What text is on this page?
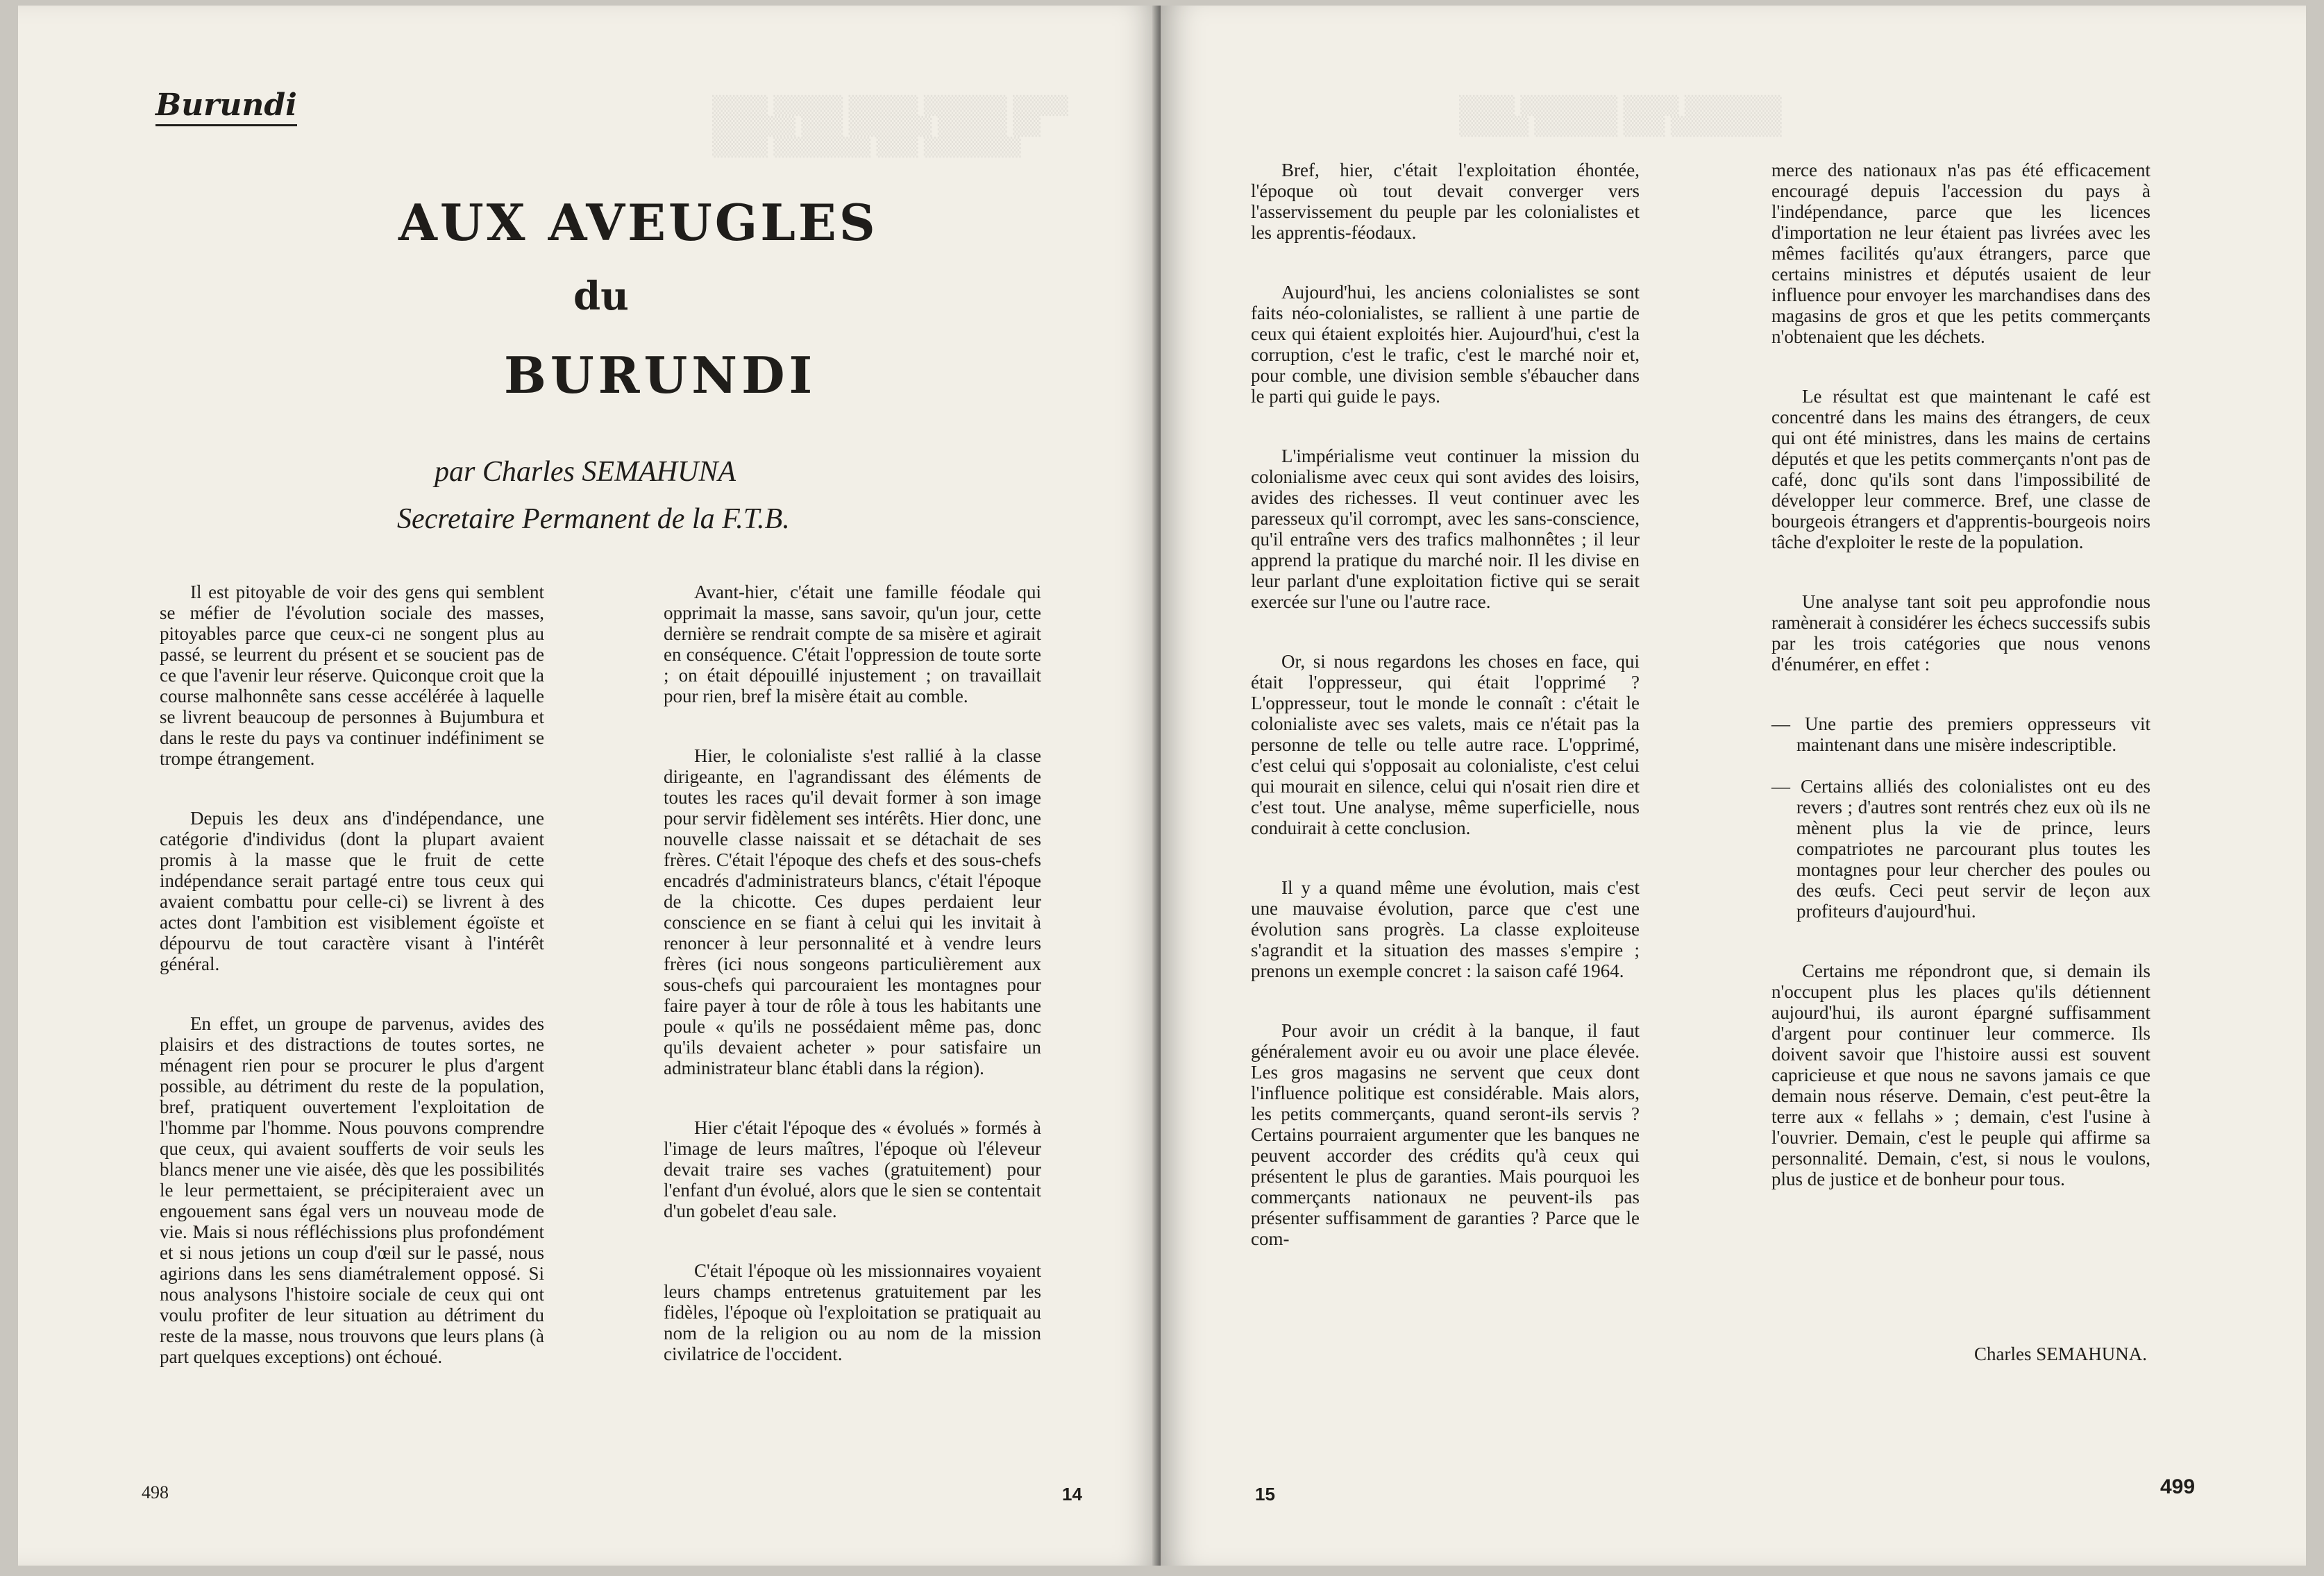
▒▒▒▒ ▒▒▒▒▒ ▒▒▒▒▒ ▒▒▒▒▒▒ ▒▒▒▒
▒▒▒▒▒▒ ▒▒▒ ▒▒▒▒▒▒ ▒▒▒▒▒ ▒▒
▒▒▒▒ ▒▒▒▒▒▒▒ ▒▒▒ ▒▒▒▒▒▒▒
Burundi
AUX AVEUGLES
du
BURUNDI
par Charles SEMAHUNA
Secretaire Permanent de la F.T.B.

Il est pitoyable de voir des gens qui semblent se méfier de l'évolution sociale des masses, pitoyables parce que ceux-ci ne songent plus au passé, se leurrent du présent et se soucient pas de ce que l'avenir leur réserve. Quiconque croit que la course malhonnête sans cesse accélérée à laquelle se livrent beaucoup de personnes à Bujumbura et dans le reste du pays va continuer indéfiniment se trompe étrangement.

Depuis les deux ans d'indépendance, une catégorie d'individus (dont la plupart avaient promis à la masse que le fruit de cette indépendance serait partagé entre tous ceux qui avaient combattu pour celle-ci) se livrent à des actes dont l'ambition est visiblement égoïste et dépourvu de tout caractère visant à l'intérêt général.

En effet, un groupe de parvenus, avides des plaisirs et des distractions de toutes sortes, ne ménagent rien pour se procurer le plus d'argent possible, au détriment du reste de la population, bref, pratiquent ouvertement l'exploitation de l'homme par l'homme. Nous pouvons comprendre que ceux, qui avaient soufferts de voir seuls les blancs mener une vie aisée, dès que les possibilités le leur permettaient, se précipiteraient avec un engouement sans égal vers un nouveau mode de vie. Mais si nous réfléchissions plus profondément et si nous jetions un coup d'œil sur le passé, nous agirions dans les sens diamétralement opposé. Si nous analysons l'histoire sociale de ceux qui ont voulu profiter de leur situation au détriment du reste de la masse, nous trouvons que leurs plans (à part quelques exceptions) ont échoué.

Avant-hier, c'était une famille féodale qui opprimait la masse, sans savoir, qu'un jour, cette dernière se rendrait compte de sa misère et agirait en conséquence. C'était l'oppression de toute sorte ; on était dépouillé injustement ; on travaillait pour rien, bref la misère était au comble.

Hier, le colonialiste s'est rallié à la classe dirigeante, en l'agrandissant des éléments de toutes les races qu'il devait former à son image pour servir fidèlement ses intérêts. Hier donc, une nouvelle classe naissait et se détachait de ses frères. C'était l'époque des chefs et des sous-chefs encadrés d'administrateurs blancs, c'était l'époque de la chicotte. Ces dupes perdaient leur conscience en se fiant à celui qui les invitait à renoncer à leur personnalité et à vendre leurs frères (ici nous songeons particulièrement aux sous-chefs qui parcouraient les montagnes pour faire payer à tour de rôle à tous les habitants une poule « qu'ils ne possédaient même pas, donc qu'ils devaient acheter » pour satisfaire un administrateur blanc établi dans la région).

Hier c'était l'époque des « évolués » formés à l'image de leurs maîtres, l'époque où l'éleveur devait traire ses vaches (gratuitement) pour l'enfant d'un évolué, alors que le sien se contentait d'un gobelet d'eau sale.

C'était l'époque où les missionnaires voyaient leurs champs entretenus gratuitement par les fidèles, l'époque où l'exploitation se pratiquait au nom de la religion ou au nom de la mission civilatrice de l'occident.

498	14
▒▒▒▒ ▒▒▒▒▒▒▒ ▒▒▒▒ ▒▒▒▒▒▒▒
▒▒▒▒▒ ▒▒▒▒▒▒ ▒▒▒ ▒▒▒▒▒▒▒▒

Bref, hier, c'était l'exploitation éhontée, l'époque où tout devait converger vers l'asservissement du peuple par les colonialistes et les apprentis-féodaux.

Aujourd'hui, les anciens colonialistes se sont faits néo-colonialistes, se rallient à une partie de ceux qui étaient exploités hier. Aujourd'hui, c'est la corruption, c'est le trafic, c'est le marché noir et, pour comble, une division semble s'ébaucher dans le parti qui guide le pays.

L'impérialisme veut continuer la mission du colonialisme avec ceux qui sont avides des loisirs, avides des richesses. Il veut continuer avec les paresseux qu'il corrompt, avec les sans-conscience, qu'il entraîne vers des trafics malhonnêtes ; il leur apprend la pratique du marché noir. Il les divise en leur parlant d'une exploitation fictive qui se serait exercée sur l'une ou l'autre race.

Or, si nous regardons les choses en face, qui était l'oppresseur, qui était l'opprimé ? L'oppresseur, tout le monde le connaît : c'était le colonialiste avec ses valets, mais ce n'était pas la personne de telle ou telle autre race. L'opprimé, c'est celui qui s'opposait au colonialiste, c'est celui qui mourait en silence, celui qui n'osait rien dire et c'est tout. Une analyse, même superficielle, nous conduirait à cette conclusion.

Il y a quand même une évolution, mais c'est une mauvaise évolution, parce que c'est une évolution sans progrès. La classe exploiteuse s'agrandit et la situation des masses s'empire ; prenons un exemple concret : la saison café 1964.

Pour avoir un crédit à la banque, il faut généralement avoir eu ou avoir une place élevée. Les gros magasins ne servent que ceux dont l'influence politique est considérable. Mais alors, les petits commerçants, quand seront-ils servis ? Certains pourraient argumenter que les banques ne peuvent accorder des crédits qu'à ceux qui présentent le plus de garanties. Mais pourquoi les commerçants nationaux ne peuvent-ils pas présenter suffisamment de garanties ? Parce que le com-

merce des nationaux n'as pas été efficacement encouragé depuis l'accession du pays à l'indépendance, parce que les licences d'importation ne leur étaient pas livrées avec les mêmes facilités qu'aux étrangers, parce que certains ministres et députés usaient de leur influence pour envoyer les marchandises dans des magasins de gros et que les petits commerçants n'obtenaient que les déchets.

Le résultat est que maintenant le café est concentré dans les mains des étrangers, de ceux qui ont été ministres, dans les mains de certains députés et que les petits commerçants n'ont pas de café, donc qu'ils sont dans l'impossibilité de développer leur commerce. Bref, une classe de bourgeois étrangers et d'apprentis-bourgeois noirs tâche d'exploiter le reste de la population.

Une analyse tant soit peu approfondie nous ramènerait à considérer les échecs successifs subis par les trois catégories que nous venons d'énumérer, en effet :

— Une partie des premiers oppresseurs vit maintenant dans une misère indescriptible.
— Certains alliés des colonialistes ont eu des revers ; d'autres sont rentrés chez eux où ils ne mènent plus la vie de prince, leurs compatriotes ne parcourant plus toutes les montagnes pour leur chercher des poules ou des œufs. Ceci peut servir de leçon aux profiteurs d'aujourd'hui.

Certains me répondront que, si demain ils n'occupent plus les places qu'ils détiennent aujourd'hui, ils auront épargné suffisamment d'argent pour continuer leur commerce. Ils doivent savoir que l'histoire aussi est souvent capricieuse et que nous ne savons jamais ce que demain nous réserve. Demain, c'est peut-être la terre aux « fellahs » ; demain, c'est l'usine à l'ouvrier. Demain, c'est le peuple qui affirme sa personnalité. Demain, c'est, si nous le voulons, plus de justice et de bonheur pour tous.

Charles SEMAHUNA.
15	499
